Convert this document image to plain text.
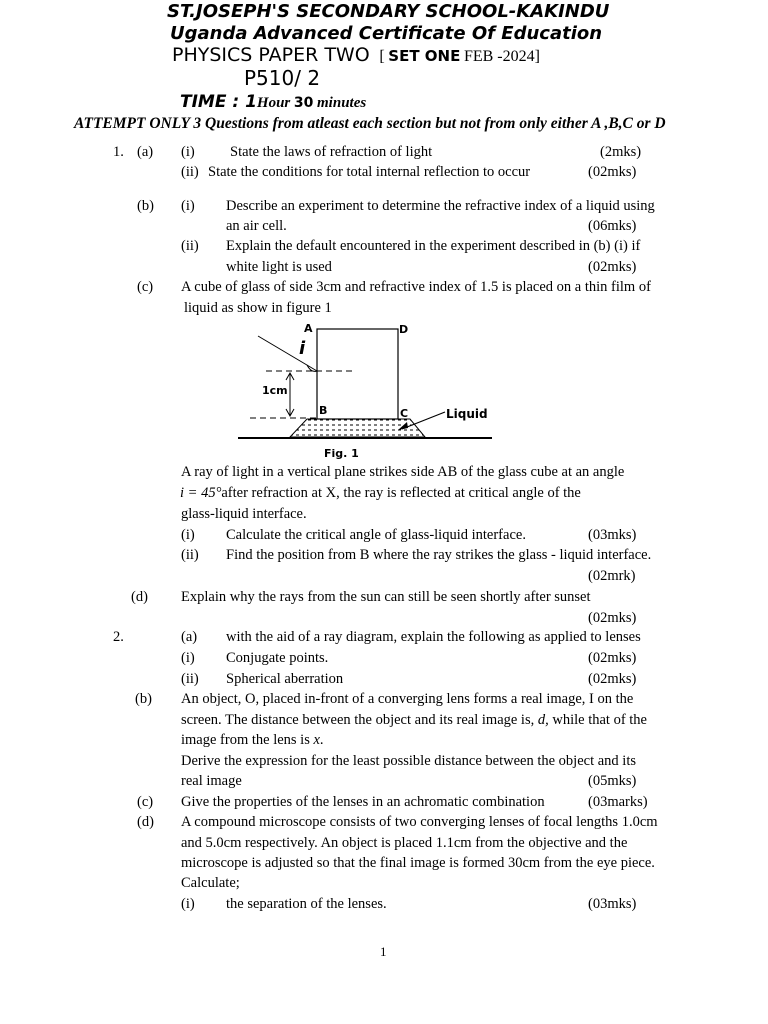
ST.JOSEPH'S SECONDARY SCHOOL-KAKINDU
Uganda Advanced Certificate Of Education
PHYSICS PAPER TWO [ SET ONE FEB -2024]
P510/ 2
TIME : 1Hour 30 minutes
ATTEMPT ONLY 3 Questions from atleast each section but not from only either A ,B,C or D
1. (a) (i) State the laws of refraction of light	(2mks)
(ii) State the conditions for total internal reflection to occur	(02mks)
(b) (i) Describe an experiment to determine the refractive index of a liquid using
an air cell.	(06mks)
(ii) Explain the default encountered in the experiment described in (b) (i) if
white light is used	(02mks)
(c) A cube of glass of side 3cm and refractive index of 1.5 is placed on a thin film of
liquid as show in figure 1
A	D
B	C
i
1cm
Liquid
Fig. 1
A ray of light in a vertical plane strikes side AB of the glass cube at an angle
i = 45°after refraction at X, the ray is reflected at critical angle of the
glass-liquid interface.
(i) Calculate the critical angle of glass-liquid interface.	(03mks)
(ii) Find the position from B where the ray strikes the glass - liquid interface.
(02mrk)
(d) Explain why the rays from the sun can still be seen shortly after sunset
(02mks)
2.	(a) with the aid of a ray diagram, explain the following as applied to lenses
(i) Conjugate points.	(02mks)
(ii) Spherical aberration	(02mks)
(b) An object, O, placed in-front of a converging lens forms a real image, I on the
screen. The distance between the object and its real image is, d, while that of the
image from the lens is x.
Derive the expression for the least possible distance between the object and its
real image	(05mks)
(c) Give the properties of the lenses in an achromatic combination	(03marks)
(d) A compound microscope consists of two converging lenses of focal lengths 1.0cm
and 5.0cm respectively. An object is placed 1.1cm from the objective and the
microscope is adjusted so that the final image is formed 30cm from the eye piece.
Calculate;
(i) the separation of the lenses.	(03mks)
1
